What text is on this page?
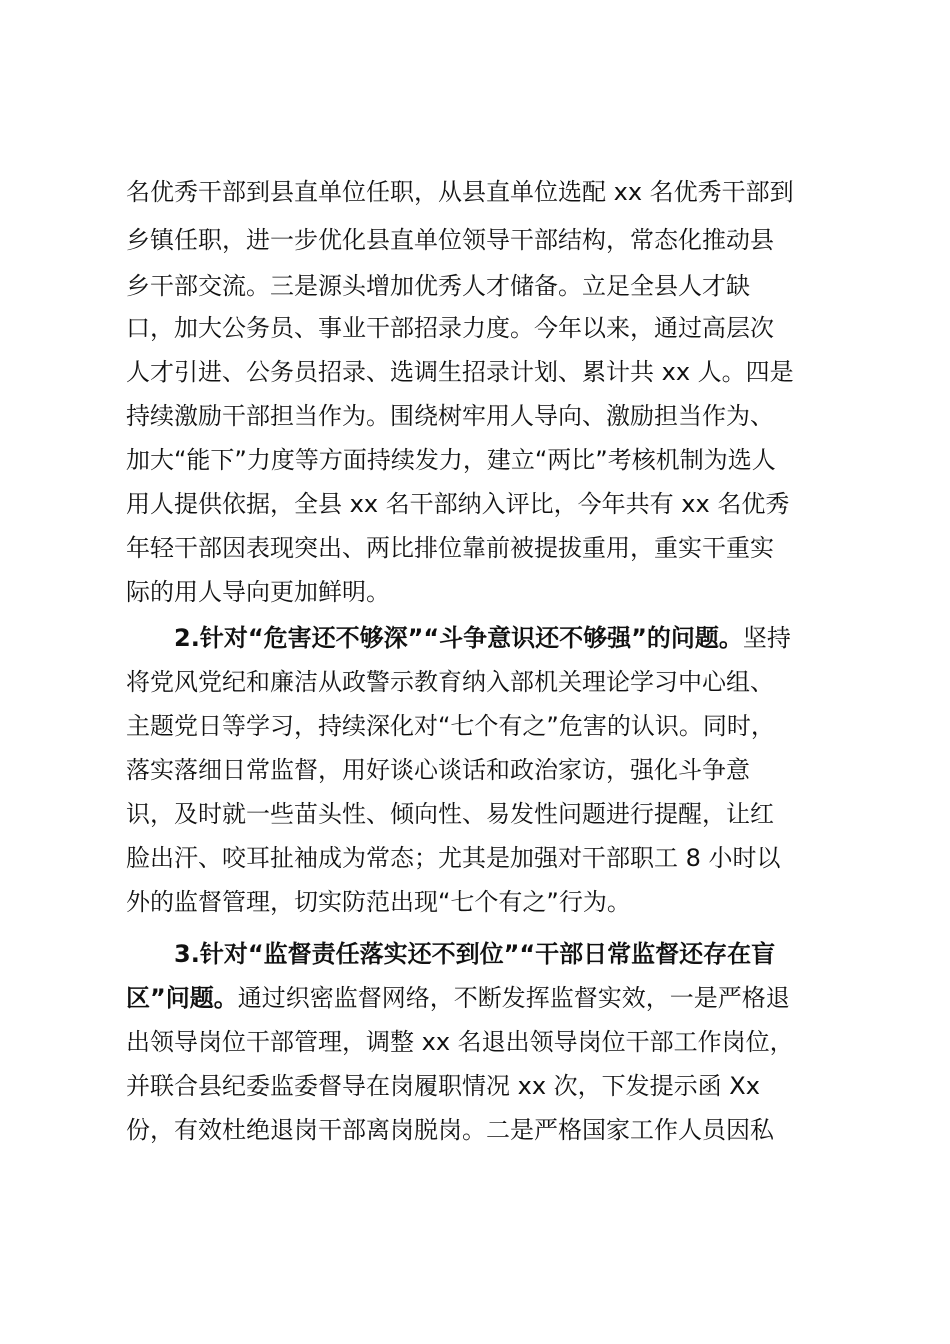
名优秀干部到县直单位任职，从县直单位选配 xx 名优秀干部到
乡镇任职，进一步优化县直单位领导干部结构，常态化推动县
乡干部交流。三是源头增加优秀人才储备。立足全县人才缺
口，加大公务员、事业干部招录力度。今年以来，通过高层次
人才引进、公务员招录、选调生招录计划、累计共 xx 人。四是
持续激励干部担当作为。围绕树牢用人导向、激励担当作为、
加大“能下”力度等方面持续发力，建立“两比”考核机制为选人
用人提供依据，全县 xx 名干部纳入评比，今年共有 xx 名优秀
年轻干部因表现突出、两比排位靠前被提拔重用，重实干重实
际的用人导向更加鲜明。
2.针对“危害还不够深”“斗争意识还不够强”的问题。坚持
将党风党纪和廉洁从政警示教育纳入部机关理论学习中心组、
主题党日等学习，持续深化对“七个有之”危害的认识。同时，
落实落细日常监督，用好谈心谈话和政治家访，强化斗争意
识，及时就一些苗头性、倾向性、易发性问题进行提醒，让红
脸出汗、咬耳扯袖成为常态；尤其是加强对干部职工 8 小时以
外的监督管理，切实防范出现“七个有之”行为。
3.针对“监督责任落实还不到位”“干部日常监督还存在盲
区”问题。通过织密监督网络，不断发挥监督实效，一是严格退
出领导岗位干部管理，调整 xx 名退出领导岗位干部工作岗位，
并联合县纪委监委督导在岗履职情况 xx 次，下发提示函 Xx
份，有效杜绝退岗干部离岗脱岗。二是严格国家工作人员因私
